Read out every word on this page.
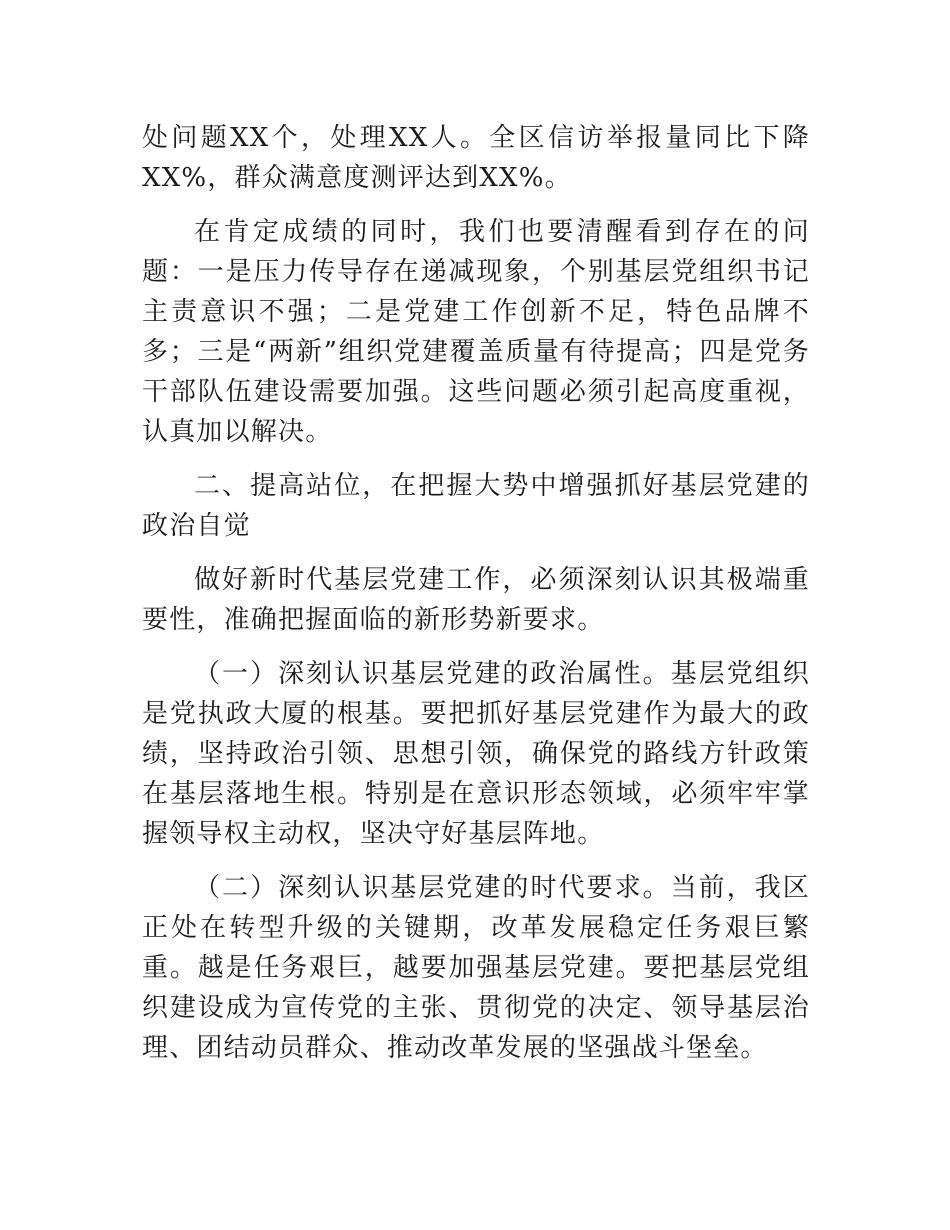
处问题XX个，处理XX人。全区信访举报量同比下降XX%，群众满意度测评达到XX%。

在肯定成绩的同时，我们也要清醒看到存在的问题：一是压力传导存在递减现象，个别基层党组织书记主责意识不强；二是党建工作创新不足，特色品牌不多；三是“两新”组织党建覆盖质量有待提高；四是党务干部队伍建设需要加强。这些问题必须引起高度重视，认真加以解决。

二、提高站位，在把握大势中增强抓好基层党建的政治自觉

做好新时代基层党建工作，必须深刻认识其极端重要性，准确把握面临的新形势新要求。

（一）深刻认识基层党建的政治属性。基层党组织是党执政大厦的根基。要把抓好基层党建作为最大的政绩，坚持政治引领、思想引领，确保党的路线方针政策在基层落地生根。特别是在意识形态领域，必须牢牢掌握领导权主动权，坚决守好基层阵地。

（二）深刻认识基层党建的时代要求。当前，我区正处在转型升级的关键期，改革发展稳定任务艰巨繁重。越是任务艰巨，越要加强基层党建。要把基层党组织建设成为宣传党的主张、贯彻党的决定、领导基层治理、团结动员群众、推动改革发展的坚强战斗堡垒。
